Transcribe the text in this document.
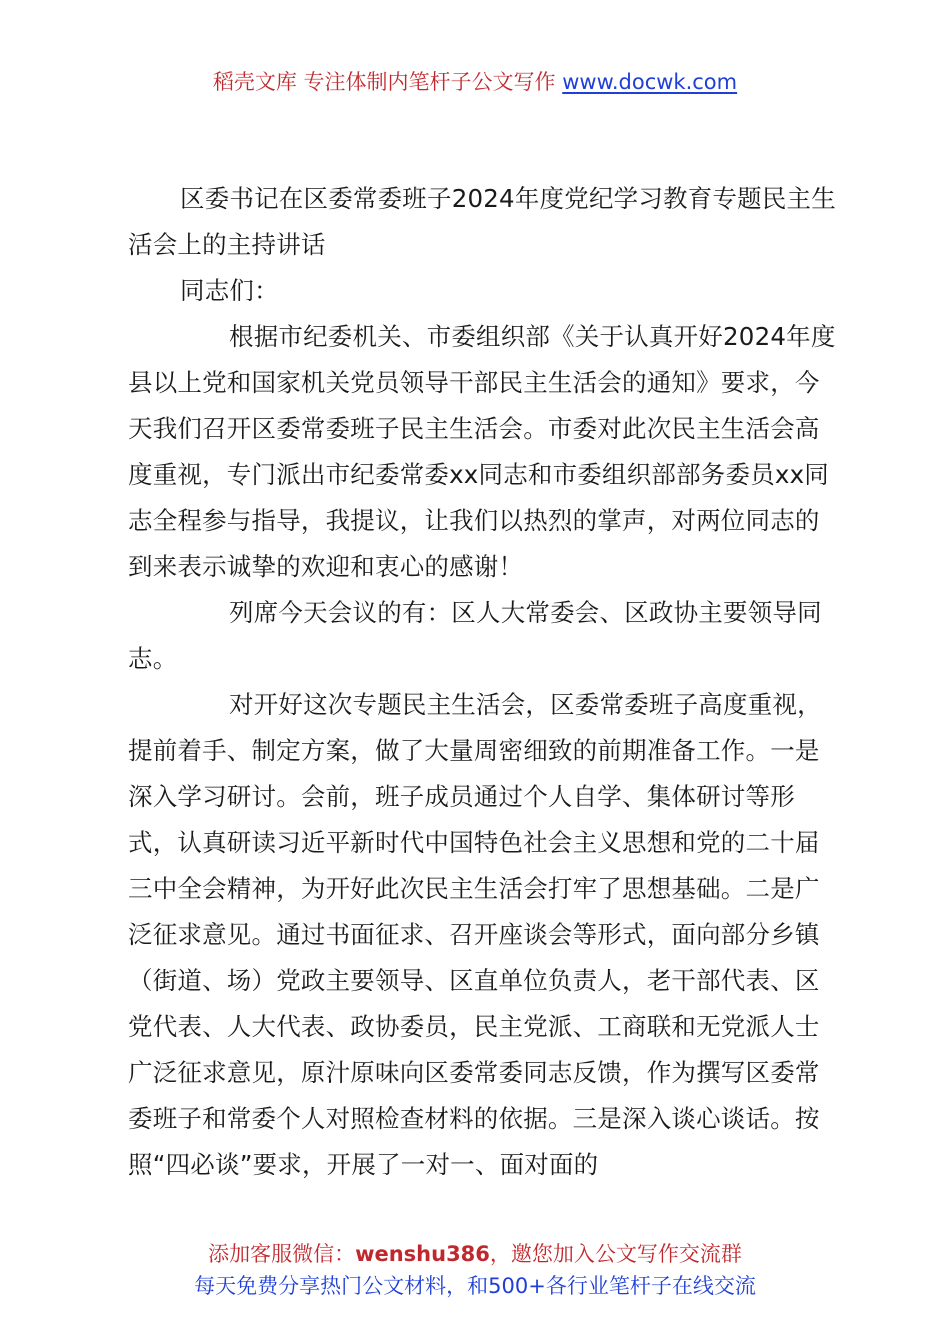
稻壳文库 专注体制内笔杆子公文写作 www.docwk.com

区委书记在区委常委班子2024年度党纪学习教育专题民主生活会上的主持讲话

同志们：

根据市纪委机关、市委组织部《关于认真开好2024年度县以上党和国家机关党员领导干部民主生活会的通知》要求，今天我们召开区委常委班子民主生活会。市委对此次民主生活会高度重视，专门派出市纪委常委xx同志和市委组织部部务委员xx同志全程参与指导，我提议，让我们以热烈的掌声，对两位同志的到来表示诚挚的欢迎和衷心的感谢！

列席今天会议的有：区人大常委会、区政协主要领导同志。

对开好这次专题民主生活会，区委常委班子高度重视，提前着手、制定方案，做了大量周密细致的前期准备工作。一是深入学习研讨。会前，班子成员通过个人自学、集体研讨等形式，认真研读习近平新时代中国特色社会主义思想和党的二十届三中全会精神，为开好此次民主生活会打牢了思想基础。二是广泛征求意见。通过书面征求、召开座谈会等形式，面向部分乡镇（街道、场）党政主要领导、区直单位负责人，老干部代表、区党代表、人大代表、政协委员，民主党派、工商联和无党派人士广泛征求意见，原汁原味向区委常委同志反馈，作为撰写区委常委班子和常委个人对照检查材料的依据。三是深入谈心谈话。按照“四必谈”要求，开展了一对一、面对面的

添加客服微信：wenshu386，邀您加入公文写作交流群
每天免费分享热门公文材料，和500+各行业笔杆子在线交流
